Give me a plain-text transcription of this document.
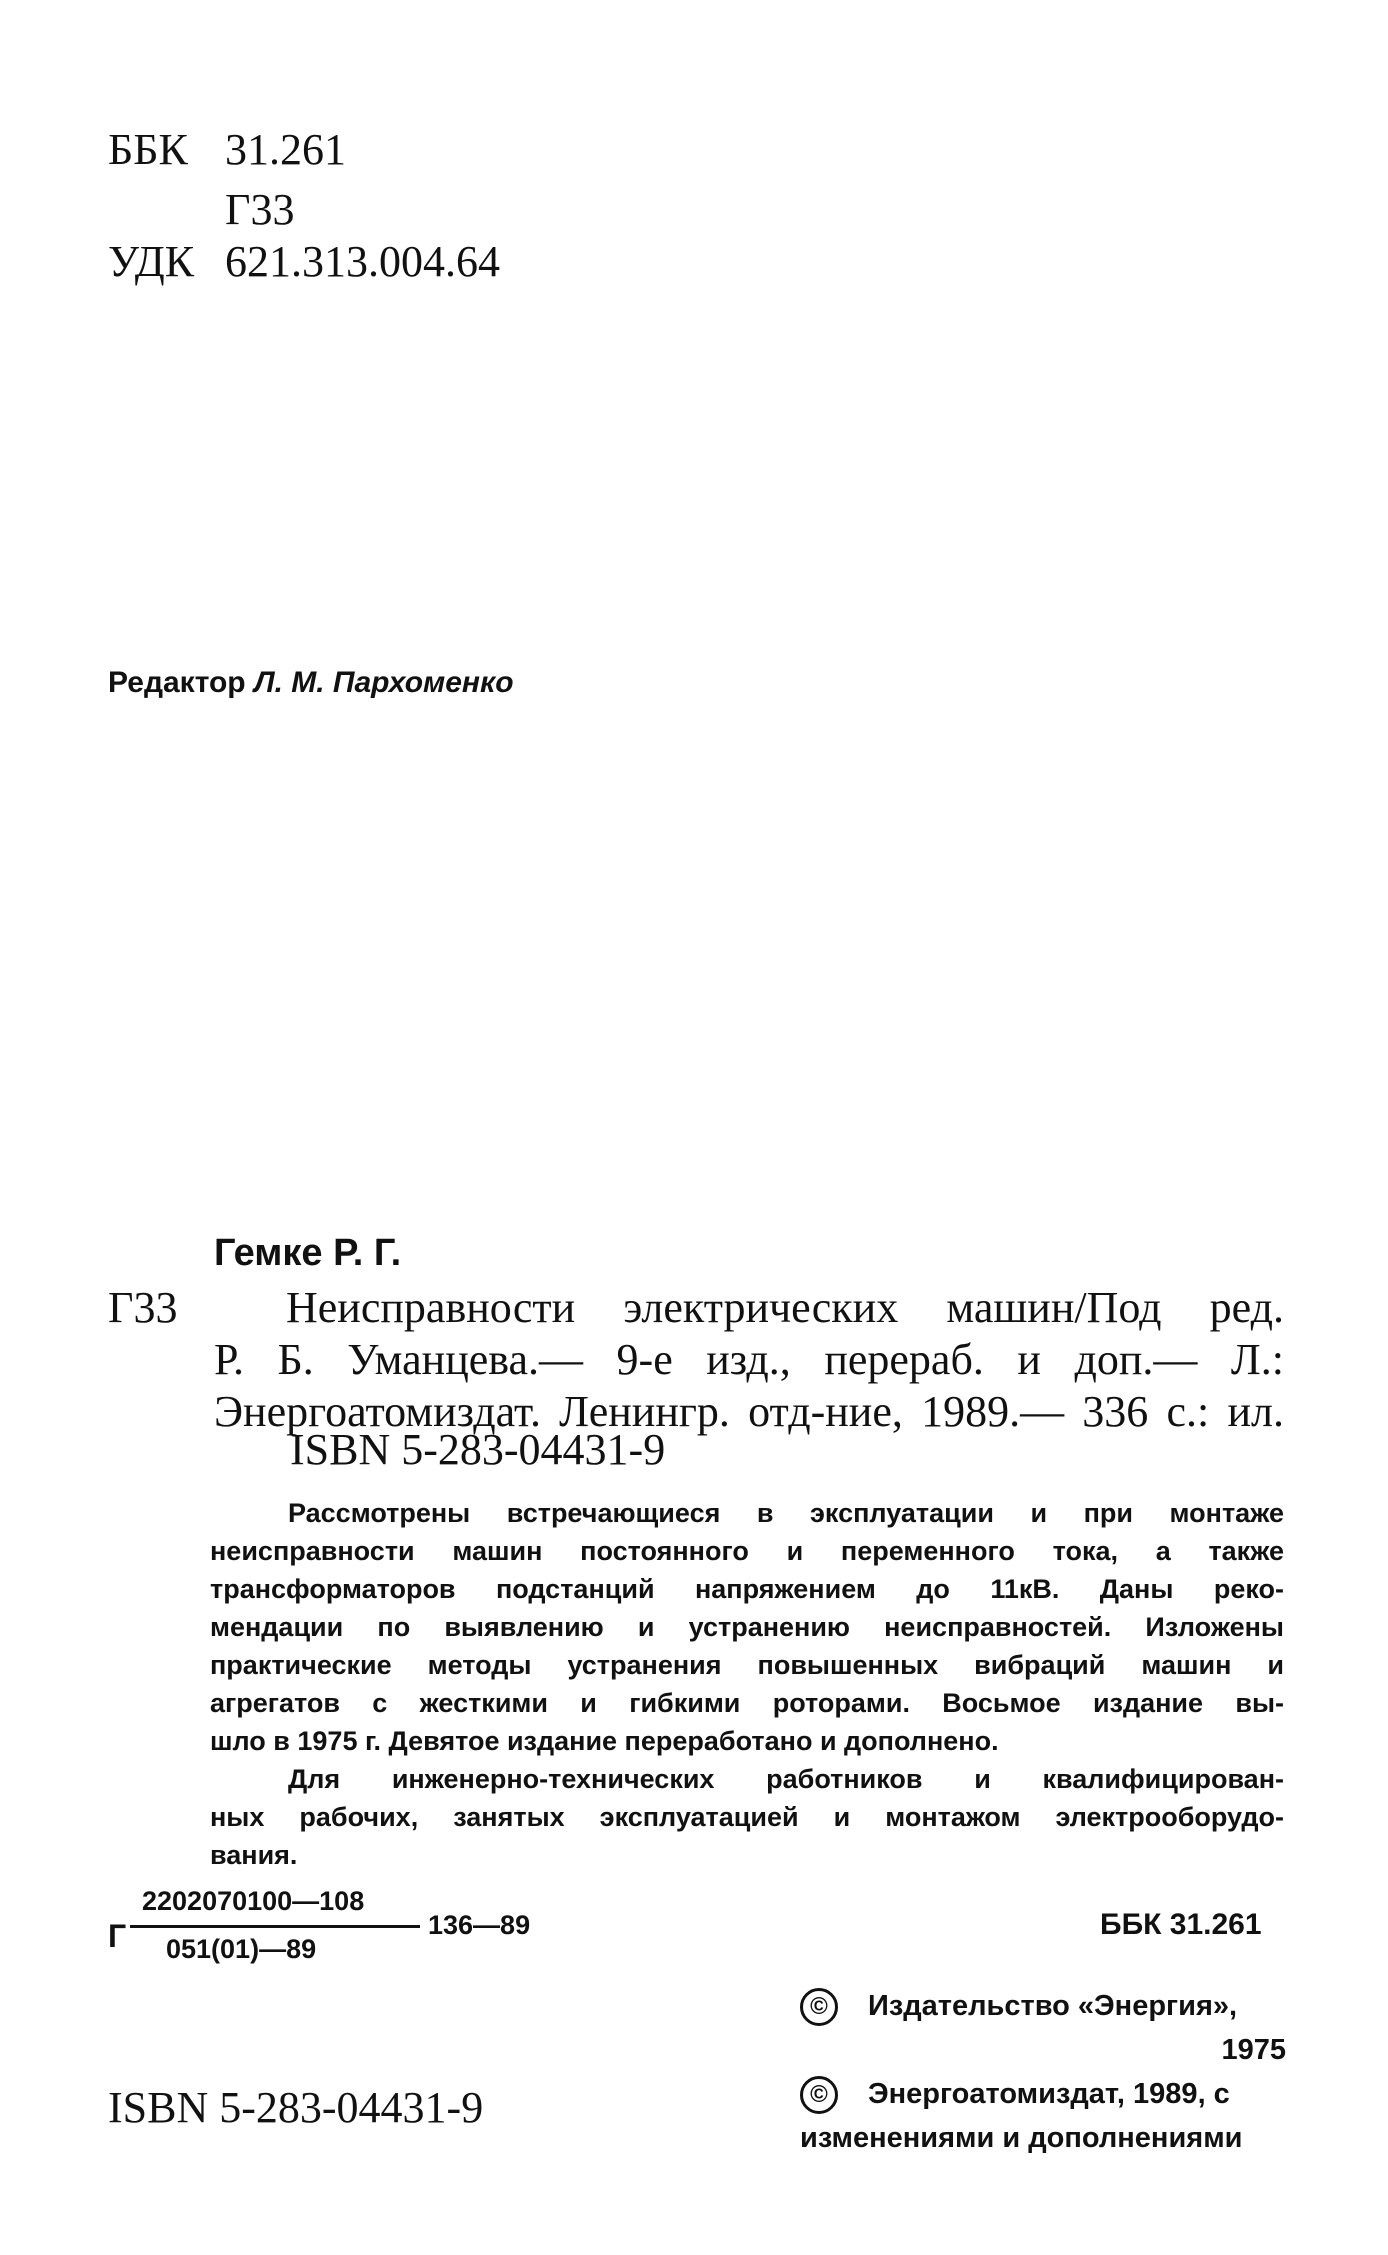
ББК 31.261
Г33
УДК 621.313.004.64
Редактор Л. М. Пархоменко
Гемке Р. Г.
Г33 Неисправности электрических машин/Под ред.
Р. Б. Уманцева.— 9-е изд., перераб. и доп.— Л.:
Энергоатомиздат. Ленингр. отд-ние, 1989.— 336 с.: ил.
ISBN 5-283-04431-9
Рассмотрены встречающиеся в эксплуатации и при монтаже
неисправности машин постоянного и переменного тока, а также
трансформаторов подстанций напряжением до 11кВ. Даны реко-
мендации по выявлению и устранению неисправностей. Изложены
практические методы устранения повышенных вибраций машин и
агрегатов с жесткими и гибкими роторами. Восьмое издание вы-
шло в 1975 г. Девятое издание переработано и дополнено.
Для инженерно-технических работников и квалифицирован-
ных рабочих, занятых эксплуатацией и монтажом электрооборудо-
вания.
Г
2202070100—108
051(01)—89
136—89	ББК 31.261
© Издательство «Энергия»,
1975
© Энергоатомиздат, 1989, с
изменениями и дополнениями
ISBN 5-283-04431-9
